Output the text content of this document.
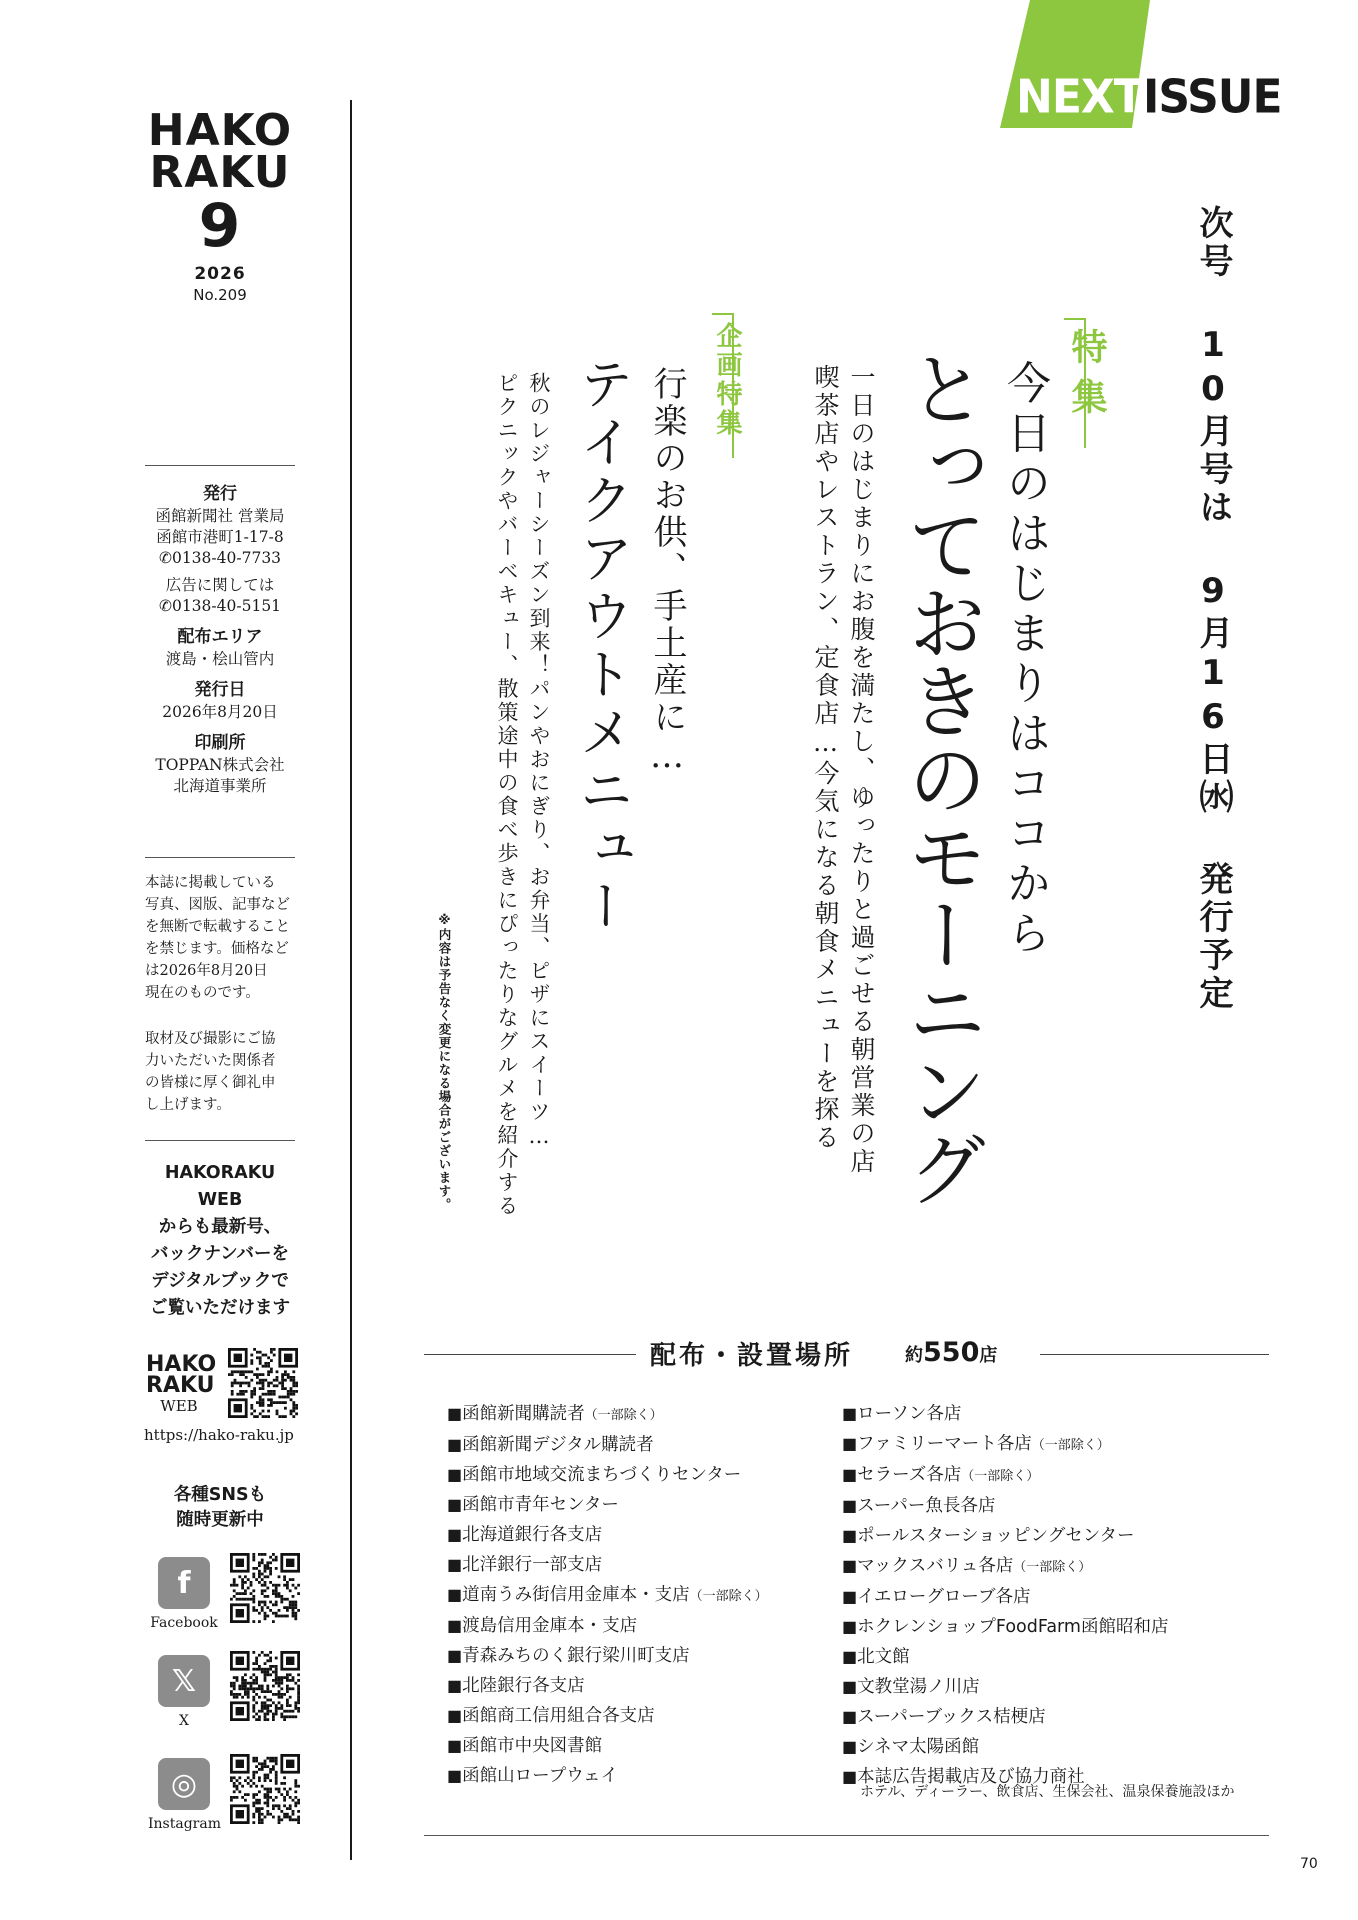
HAKO
RAKU
9
2026
No.209
発行
函館新聞社 営業局
函館市港町1-17-8
✆0138-40-7733
広告に関しては
✆0138-40-5151
配布エリア
渡島・桧山管内
発行日
2026年8月20日
印刷所
TOPPAN株式会社
北海道事業所
本誌に掲載している
写真、図版、記事など
を無断で転載すること
を禁じます。価格など
は2026年8月20日
現在のものです。
取材及び撮影にご協
力いただいた関係者
の皆様に厚く御礼申
し上げます。
HAKORAKU
WEB
からも最新号、
バックナンバーを
デジタルブックで
ご覧いただけます
HAKO
RAKU
WEB
https://hako-raku.jp
各種SNSも
随時更新中
f
Facebook
𝕏
X
◎
Instagram
NEXT ISSUE
次号 10月号は 9月16日㈬ 発行予定
特集
今日のはじまりはココから
とっておきのモーニング
一日のはじまりにお腹を満たし、ゆったりと過ごせる朝営業の店
喫茶店やレストラン、定食店…今気になる朝食メニューを探る
企画特集
行楽のお供、手土産に…
テイクアウトメニュー
秋のレジャーシーズン到来！パンやおにぎり、お弁当、ピザにスイーツ…
ピクニックやバーベキュー、散策途中の食べ歩きにぴったりなグルメを紹介する
※内容は予告なく変更になる場合がございます。
配布・設置場所	約550店
■ 函館新聞購読者（一部除く）
■ 函館新聞デジタル購読者
■ 函館市地域交流まちづくりセンター
■ 函館市青年センター
■ 北海道銀行各支店
■ 北洋銀行一部支店
■ 道南うみ街信用金庫本・支店（一部除く）
■ 渡島信用金庫本・支店
■ 青森みちのく銀行梁川町支店
■ 北陸銀行各支店
■ 函館商工信用組合各支店
■ 函館市中央図書館
■ 函館山ロープウェイ
■ ローソン各店
■ ファミリーマート各店（一部除く）
■ セラーズ各店（一部除く）
■ スーパー魚長各店
■ ポールスターショッピングセンター
■ マックスバリュ各店（一部除く）
■ イエローグローブ各店
■ ホクレンショップFoodFarm函館昭和店
■ 北文館
■ 文教堂湯ノ川店
■ スーパーブックス桔梗店
■ シネマ太陽函館
■ 本誌広告掲載店及び協力商社
ホテル、ディーラー、飲食店、生保会社、温泉保養施設ほか
70
